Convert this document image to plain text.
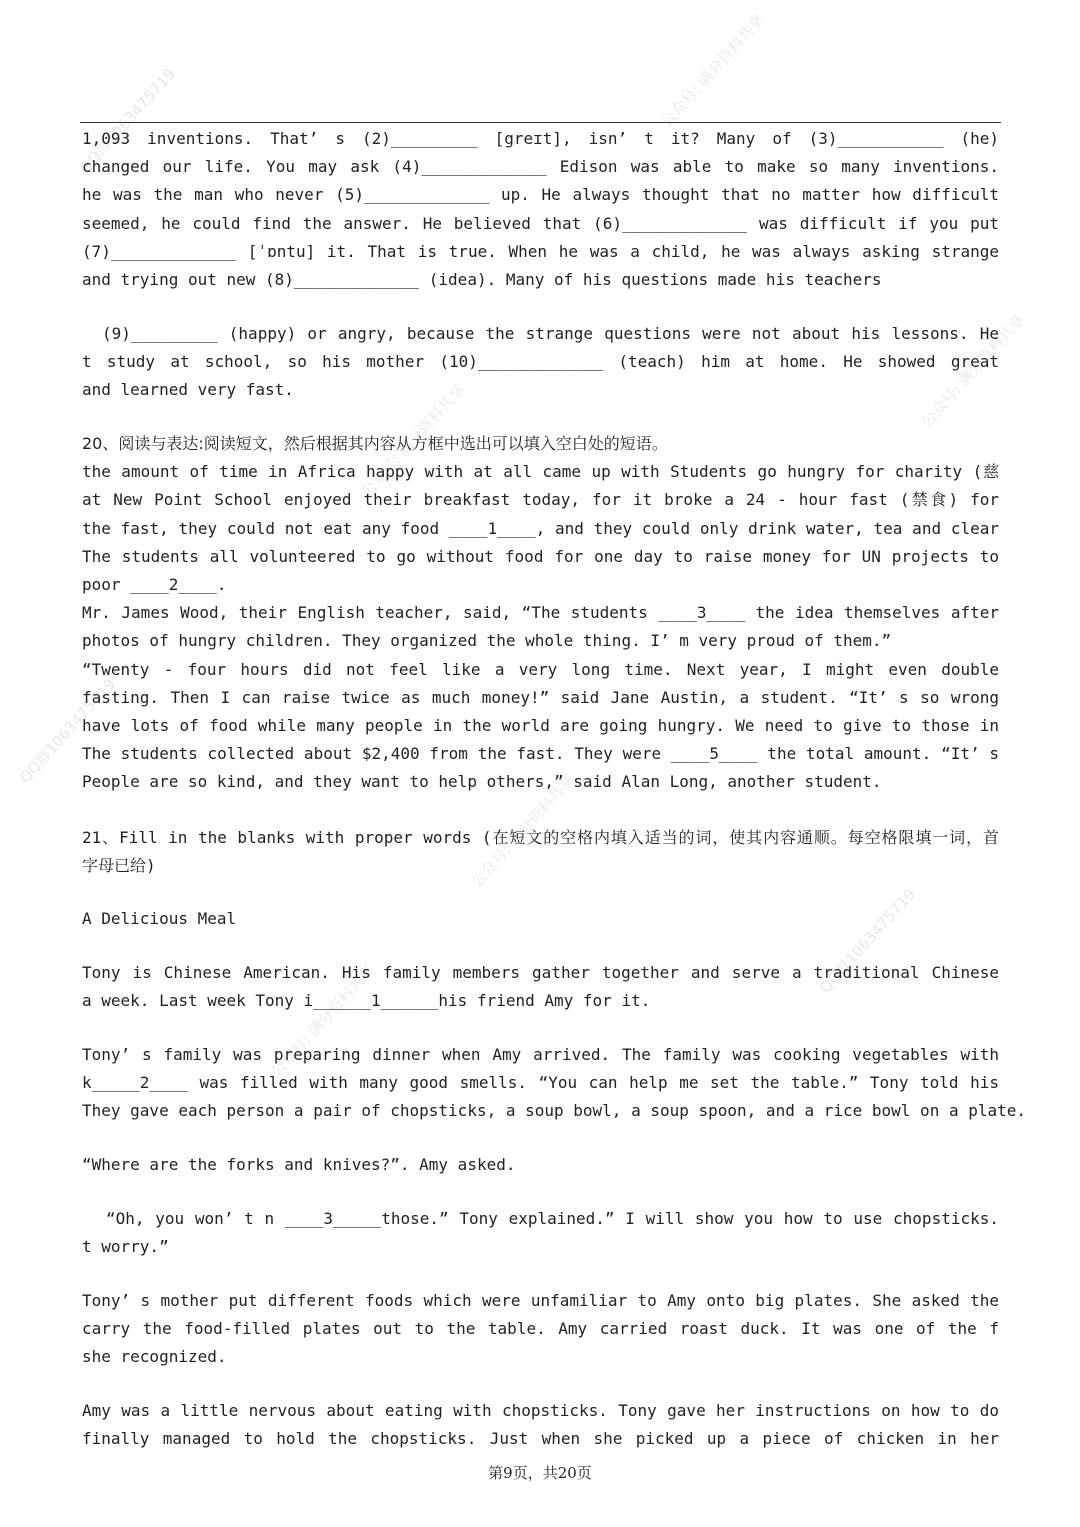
公众号: 满分资料共享
QQ群1063475719
公众号: 满分资料共享
公众号: 满分资料共享
QQ群1063475719
公众号: 满分资料共享
公众号: 满分资料共享
QQ群1063475719
1,093 inventions. That’ s (2)_________ [greɪt], isn’ t it? Many of (3)___________ (he)
changed our life. You may ask (4)_____________ Edison was able to make so many inventions.
he was the man who never (5)_____________ up. He always thought that no matter how difficult
seemed, he could find the answer. He believed that (6)_____________ was difficult if you put
(7)_____________ [ˈɒntu] it. That is true. When he was a child, he was always asking strange
and trying out new (8)_____________ (idea). Many of his questions made his teachers
(9)_________ (happy) or angry, because the strange questions were not about his lessons. He
t study at school, so his mother (10)_____________ (teach) him at home. He showed great
and learned very fast.
20、阅读与表达:阅读短文，然后根据其内容从方框中选出可以填入空白处的短语。
the amount of time in Africa happy with at all came up with Students go hungry for charity (慈
at New Point School enjoyed their breakfast today, for it broke a 24 - hour fast (禁食) for
the fast, they could not eat any food ____1____, and they could only drink water, tea and clear
The students all volunteered to go without food for one day to raise money for UN projects to
poor ____2____.
Mr. James Wood, their English teacher, said, “The students ____3____ the idea themselves after
photos of hungry children. They organized the whole thing. I’ m very proud of them.”
“Twenty - four hours did not feel like a very long time. Next year, I might even double
fasting. Then I can raise twice as much money!” said Jane Austin, a student. “It’ s so wrong
have lots of food while many people in the world are going hungry. We need to give to those in
The students collected about $2,400 from the fast. They were ____5____ the total amount. “It’ s
People are so kind, and they want to help others,” said Alan Long, another student.
21、Fill in the blanks with proper words (在短文的空格内填入适当的词，使其内容通顺。每空格限填一词，首
字母已给)
A Delicious Meal
Tony is Chinese American. His family members gather together and serve a traditional Chinese
a week. Last week Tony i______1______his friend Amy for it.
Tony’ s family was preparing dinner when Amy arrived. The family was cooking vegetables with
k_____2____ was filled with many good smells. “You can help me set the table.” Tony told his
They gave each person a pair of chopsticks, a soup bowl, a soup spoon, and a rice bowl on a plate.
“Where are the forks and knives?”. Amy asked.
“Oh, you won’ t n ____3_____those.” Tony explained.” I will show you how to use chopsticks.
t worry.”
Tony’ s mother put different foods which were unfamiliar to Amy onto big plates. She asked the
carry the food-filled plates out to the table. Amy carried roast duck. It was one of the f
she recognized.
Amy was a little nervous about eating with chopsticks. Tony gave her instructions on how to do
finally managed to hold the chopsticks. Just when she picked up a piece of chicken in her
第9页，共20页
